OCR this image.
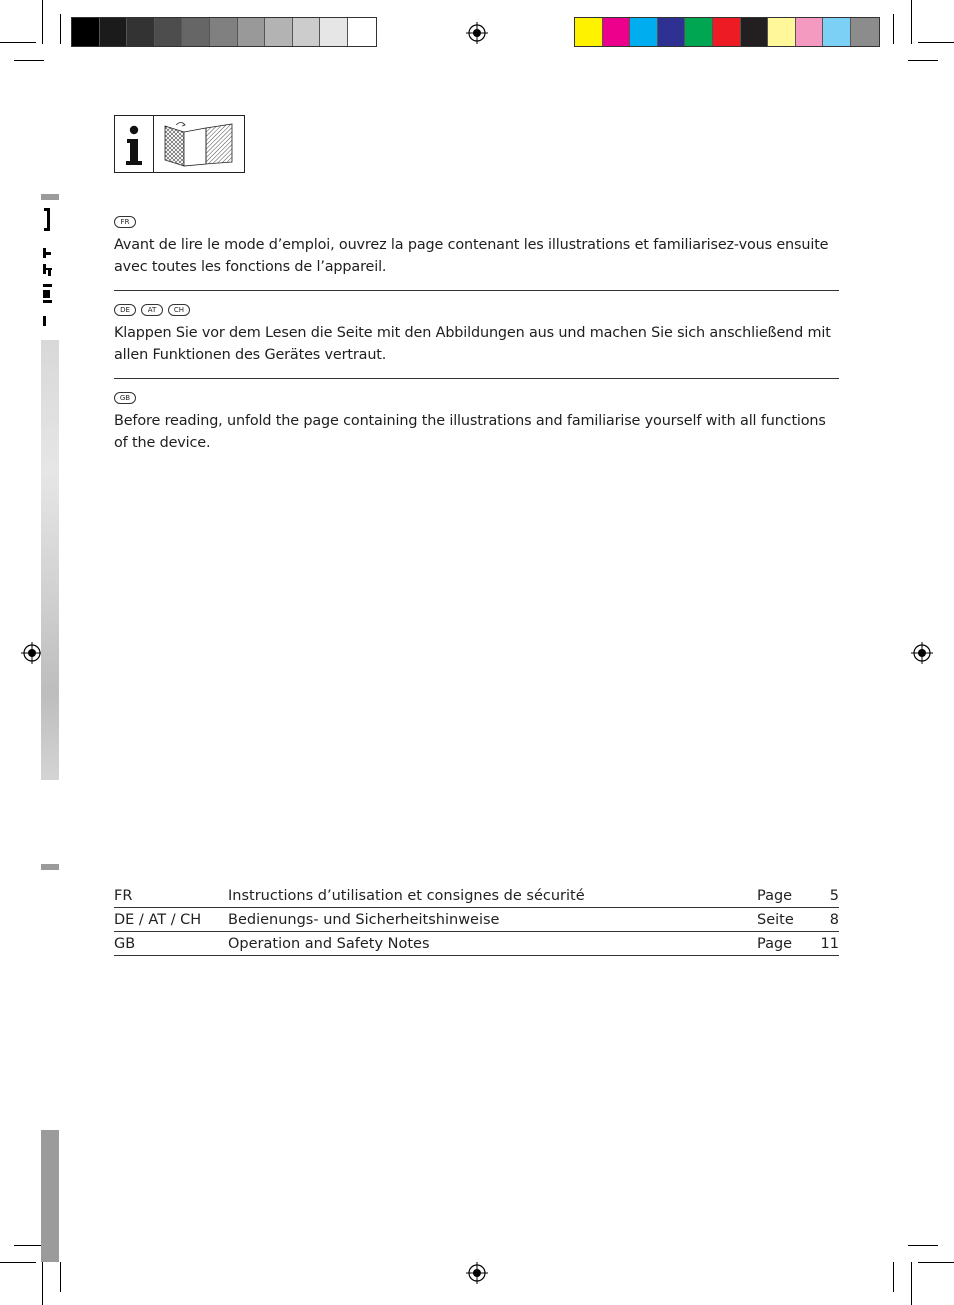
FR

Avant de lire le mode d’emploi, ouvrez la page contenant les illustrations et familiarisez-vous ensuite avec toutes les fonctions de l’appareil.

DE	AT	CH

Klappen Sie vor dem Lesen die Seite mit den Abbildungen aus und machen Sie sich anschließend mit allen Funktionen des Gerätes vertraut.

GB

Before reading, unfold the page containing the illustrations and familiarise yourself with all functions of the device.

FR	Instructions d’utilisation et consignes de sécurité	Page	5
DE / AT / CH	Bedienungs- und Sicherheitshinweise	Seite	8
GB	Operation and Safety Notes	Page	11
